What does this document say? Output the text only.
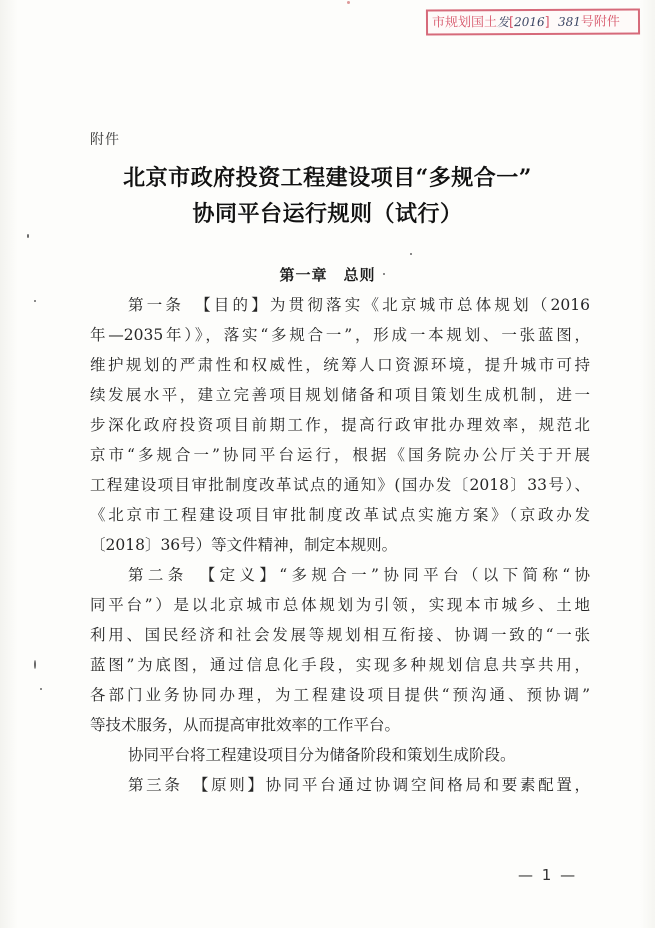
市规划国土发[2016] 381号附件
附件
北京市政府投资工程建设项目“多规合一”
协同平台运行规则（试行）
第一章　总则
第一条　【目的】为贯彻落实《北京城市总体规划（2016
年—2035年）》，落实“多规合一”，形成一本规划、一张蓝图，
维护规划的严肃性和权威性，统筹人口资源环境，提升城市可持
续发展水平，建立完善项目规划储备和项目策划生成机制，进一
步深化政府投资项目前期工作，提高行政审批办理效率，规范北
京市“多规合一”协同平台运行，根据《国务院办公厅关于开展
工程建设项目审批制度改革试点的通知》(国办发〔2018〕33号）、
《北京市工程建设项目审批制度改革试点实施方案》（京政办发
〔2018〕36号）等文件精神，制定本规则。
第二条　【定义】“多规合一”协同平台（以下简称“协
同平台”）是以北京城市总体规划为引领，实现本市城乡、土地
利用、国民经济和社会发展等规划相互衔接、协调一致的“一张
蓝图”为底图，通过信息化手段，实现多种规划信息共享共用，
各部门业务协同办理，为工程建设项目提供“预沟通、预协调”
等技术服务，从而提高审批效率的工作平台。
协同平台将工程建设项目分为储备阶段和策划生成阶段。
第三条　【原则】协同平台通过协调空间格局和要素配置，
— 1 —
